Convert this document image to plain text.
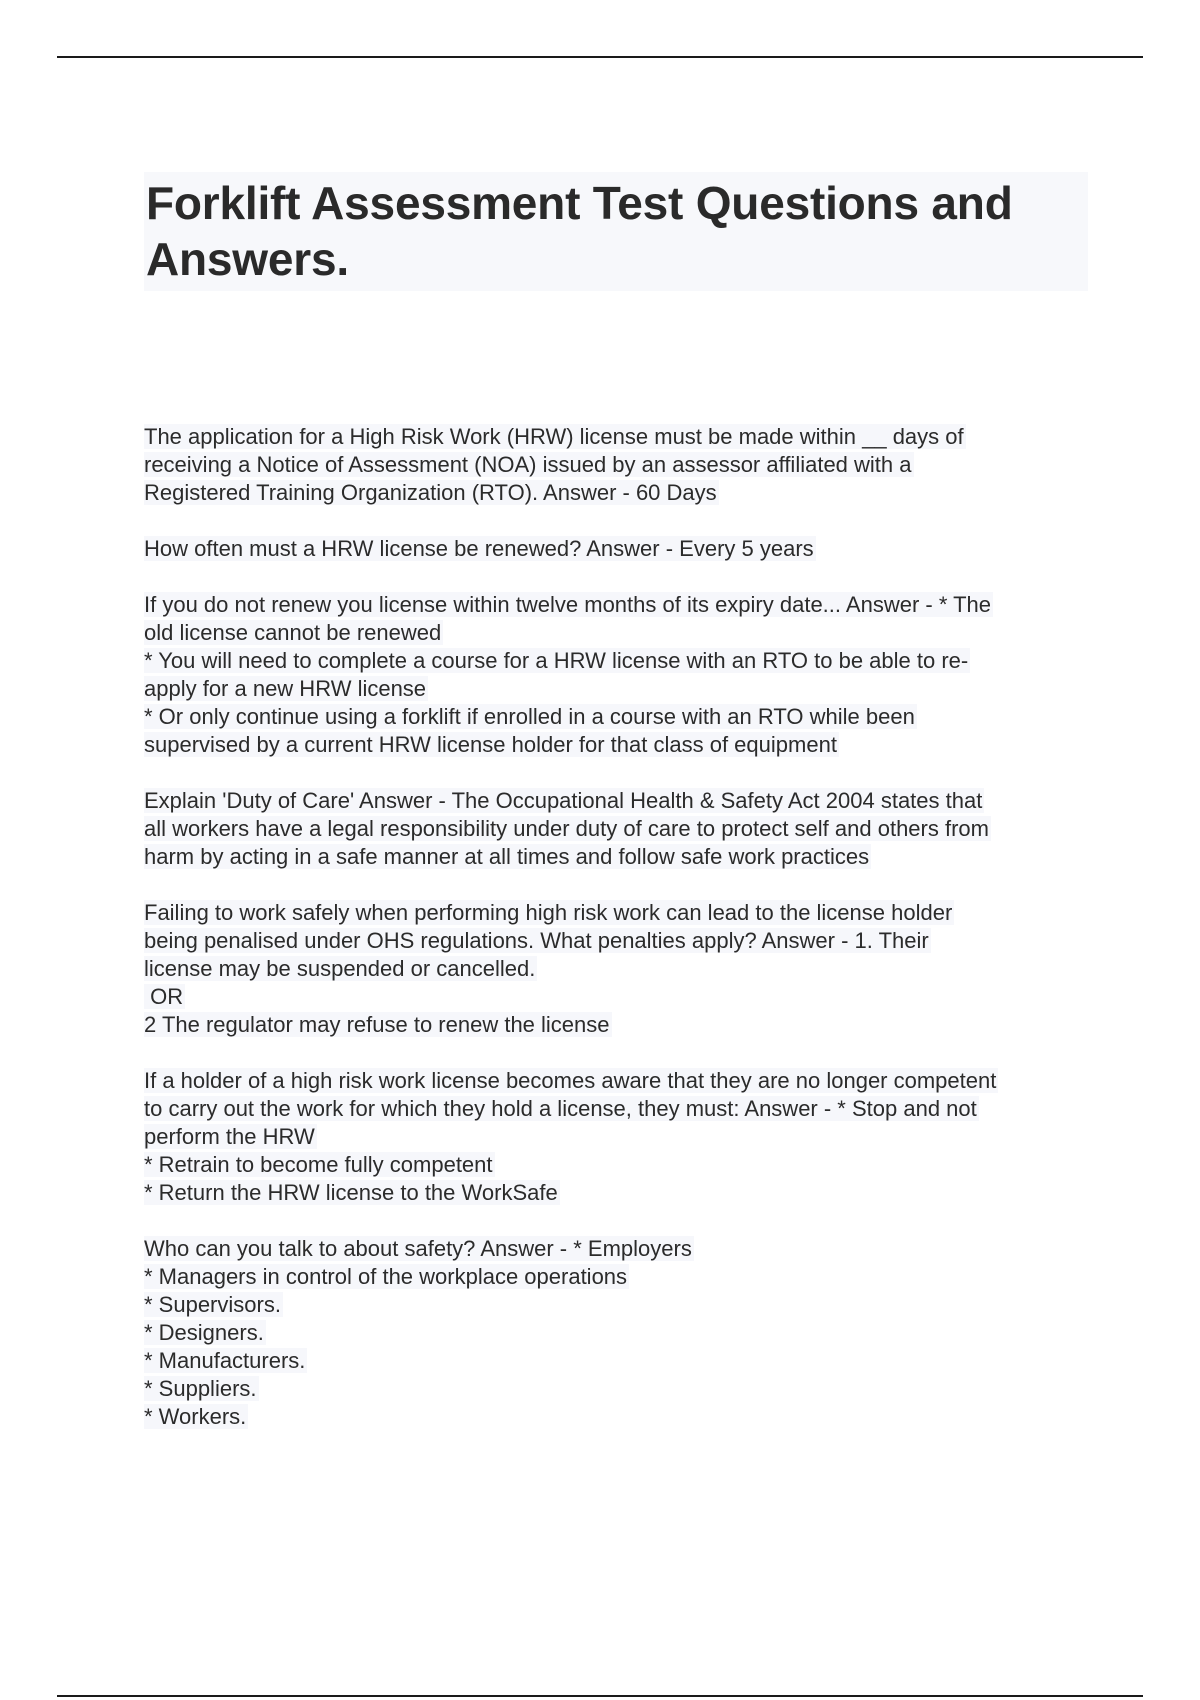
Forklift Assessment Test Questions and
Answers.
The application for a High Risk Work (HRW) license must be made within __ days of
receiving a Notice of Assessment (NOA) issued by an assessor affiliated with a
Registered Training Organization (RTO). Answer - 60 Days
How often must a HRW license be renewed? Answer - Every 5 years
If you do not renew you license within twelve months of its expiry date... Answer - * The
old license cannot be renewed
* You will need to complete a course for a HRW license with an RTO to be able to re-
apply for a new HRW license
* Or only continue using a forklift if enrolled in a course with an RTO while been
supervised by a current HRW license holder for that class of equipment
Explain 'Duty of Care' Answer - The Occupational Health & Safety Act 2004 states that
all workers have a legal responsibility under duty of care to protect self and others from
harm by acting in a safe manner at all times and follow safe work practices
Failing to work safely when performing high risk work can lead to the license holder
being penalised under OHS regulations. What penalties apply? Answer - 1. Their
license may be suspended or cancelled.
OR
2 The regulator may refuse to renew the license
If a holder of a high risk work license becomes aware that they are no longer competent
to carry out the work for which they hold a license, they must: Answer - * Stop and not
perform the HRW
* Retrain to become fully competent
* Return the HRW license to the WorkSafe
Who can you talk to about safety? Answer - * Employers
* Managers in control of the workplace operations
* Supervisors.
* Designers.
* Manufacturers.
* Suppliers.
* Workers.
